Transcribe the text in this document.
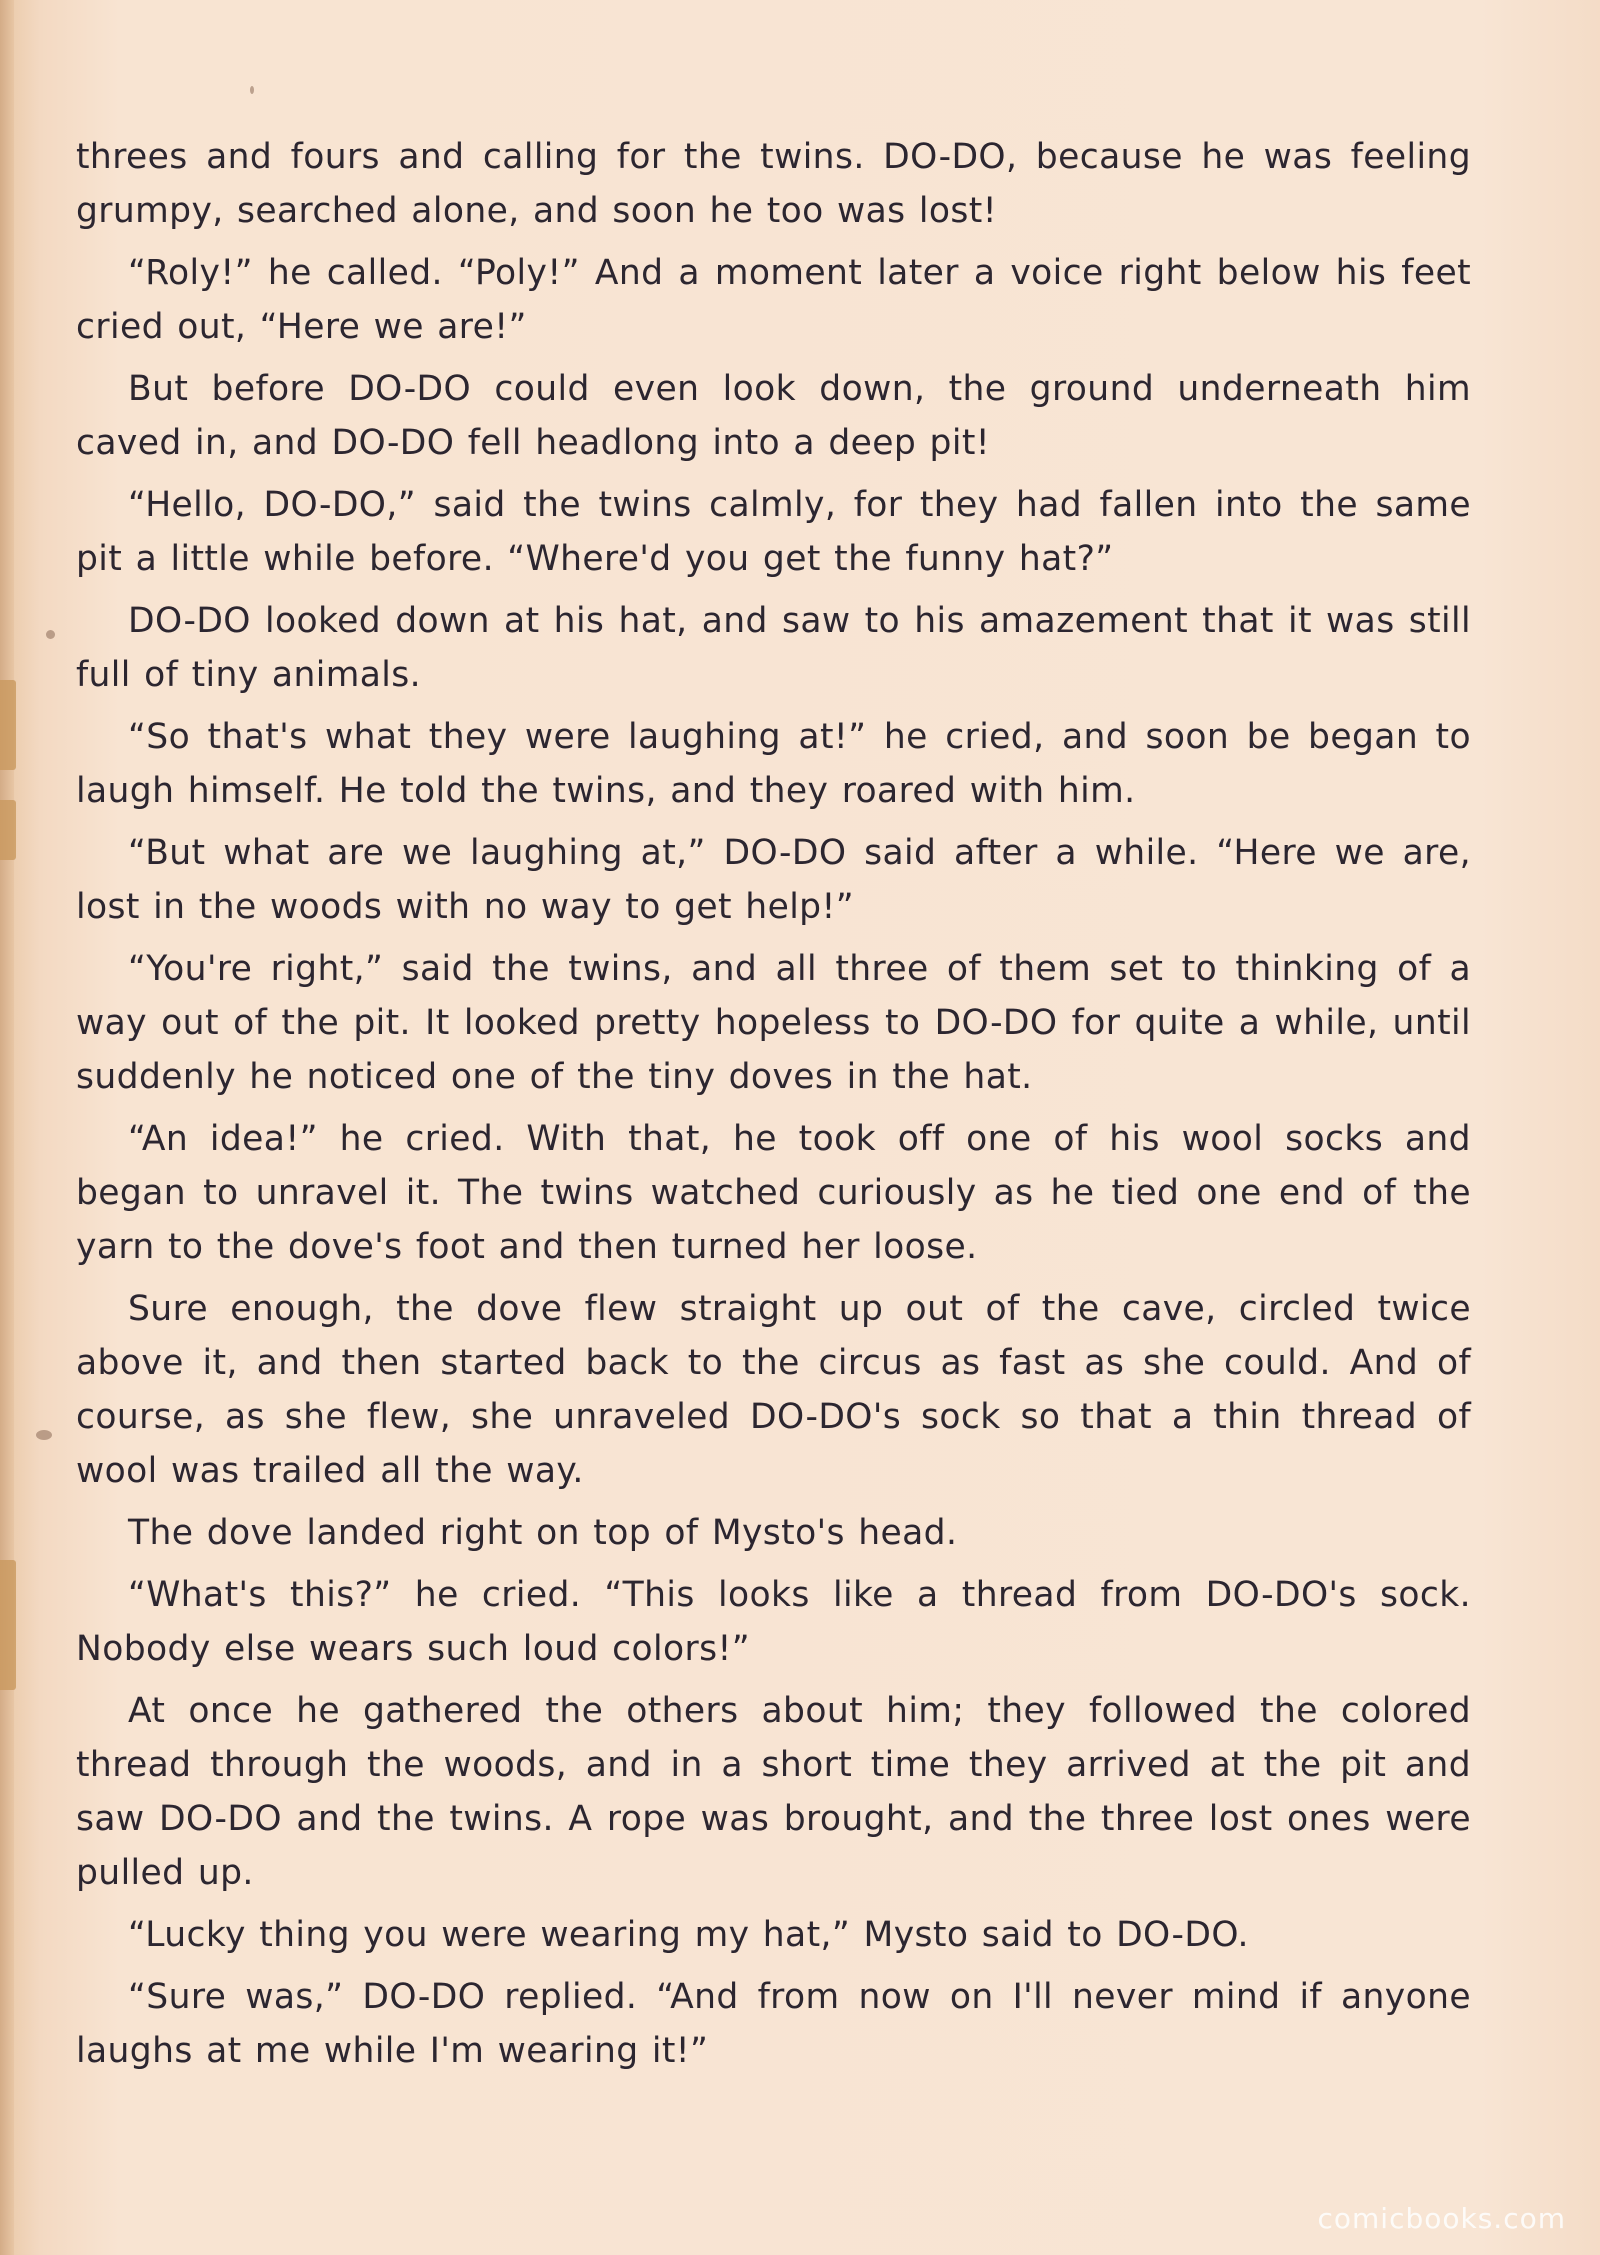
threes and fours and calling for the twins. DO-DO, because he was feeling grumpy, searched alone, and soon he too was lost!

“Roly!” he called. “Poly!” And a moment later a voice right below his feet cried out, “Here we are!”

But before DO-DO could even look down, the ground underneath him caved in, and DO-DO fell headlong into a deep pit!

“Hello, DO-DO,” said the twins calmly, for they had fallen into the same pit a little while before. “Where'd you get the funny hat?”

DO-DO looked down at his hat, and saw to his amazement that it was still full of tiny animals.

“So that's what they were laughing at!” he cried, and soon be began to laugh himself. He told the twins, and they roared with him.

“But what are we laughing at,” DO-DO said after a while. “Here we are, lost in the woods with no way to get help!”

“You're right,” said the twins, and all three of them set to thinking of a way out of the pit. It looked pretty hopeless to DO-DO for quite a while, until suddenly he noticed one of the tiny doves in the hat.

“An idea!” he cried. With that, he took off one of his wool socks and began to unravel it. The twins watched curiously as he tied one end of the yarn to the dove's foot and then turned her loose.

Sure enough, the dove flew straight up out of the cave, circled twice above it, and then started back to the circus as fast as she could. And of course, as she flew, she unraveled DO-DO's sock so that a thin thread of wool was trailed all the way.

The dove landed right on top of Mysto's head.

“What's this?” he cried. “This looks like a thread from DO-DO's sock. Nobody else wears such loud colors!”

At once he gathered the others about him; they followed the colored thread through the woods, and in a short time they arrived at the pit and saw DO-DO and the twins. A rope was brought, and the three lost ones were pulled up.

“Lucky thing you were wearing my hat,” Mysto said to DO-DO.

“Sure was,” DO-DO replied. “And from now on I'll never mind if anyone laughs at me while I'm wearing it!”

comicbooks.com
